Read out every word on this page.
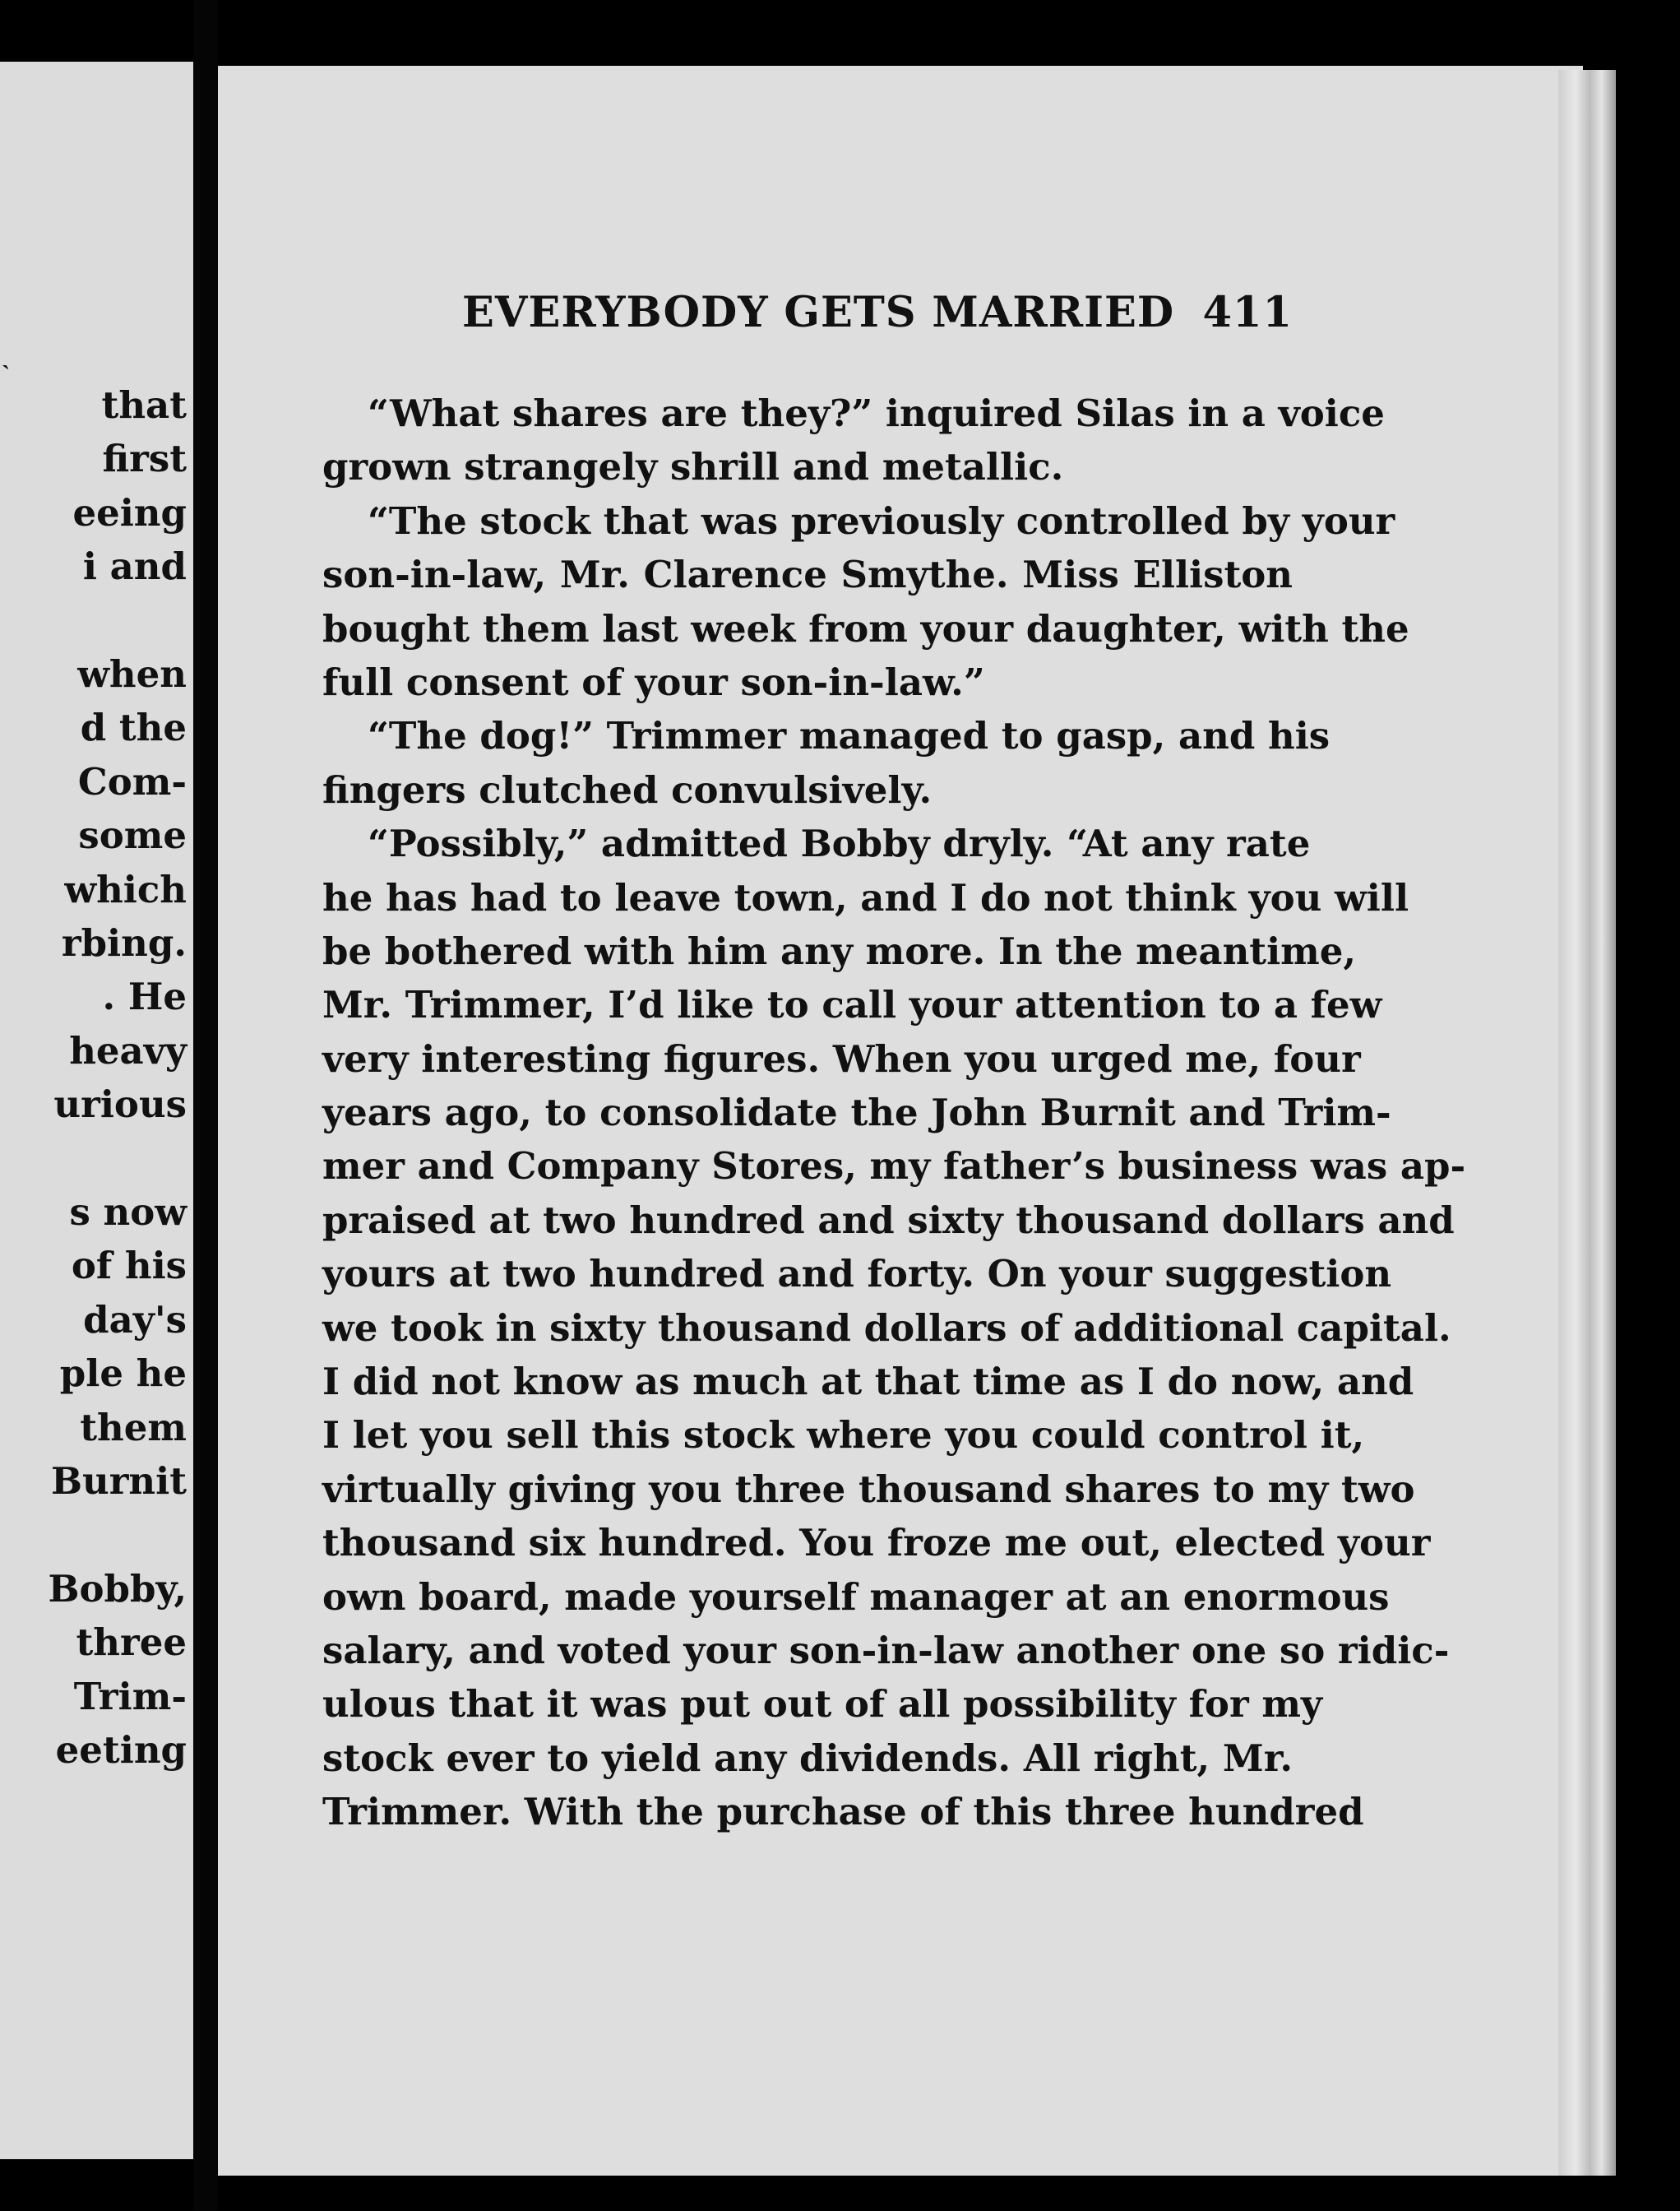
ˎ
that
first
eeing
i and
when
d the
Com-
some
which
rbing.
. He
heavy
urious
s now
of his
day's
ple he
them
Burnit
Bobby,
three
Trim-
eeting
EVERYBODY GETS MARRIED 411
“What shares are they?” inquired Silas in a voice
grown strangely shrill and metallic.
“The stock that was previously controlled by your
son-in-law, Mr. Clarence Smythe. Miss Elliston
bought them last week from your daughter, with the
full consent of your son-in-law.”
“The dog!” Trimmer managed to gasp, and his
fingers clutched convulsively.
“Possibly,” admitted Bobby dryly. “At any rate
he has had to leave town, and I do not think you will
be bothered with him any more. In the meantime,
Mr. Trimmer, I’d like to call your attention to a few
very interesting figures. When you urged me, four
years ago, to consolidate the John Burnit and Trim-
mer and Company Stores, my father’s business was ap-
praised at two hundred and sixty thousand dollars and
yours at two hundred and forty. On your suggestion
we took in sixty thousand dollars of additional capital.
I did not know as much at that time as I do now, and
I let you sell this stock where you could control it,
virtually giving you three thousand shares to my two
thousand six hundred. You froze me out, elected your
own board, made yourself manager at an enormous
salary, and voted your son-in-law another one so ridic-
ulous that it was put out of all possibility for my
stock ever to yield any dividends. All right, Mr.
Trimmer. With the purchase of this three hundred
